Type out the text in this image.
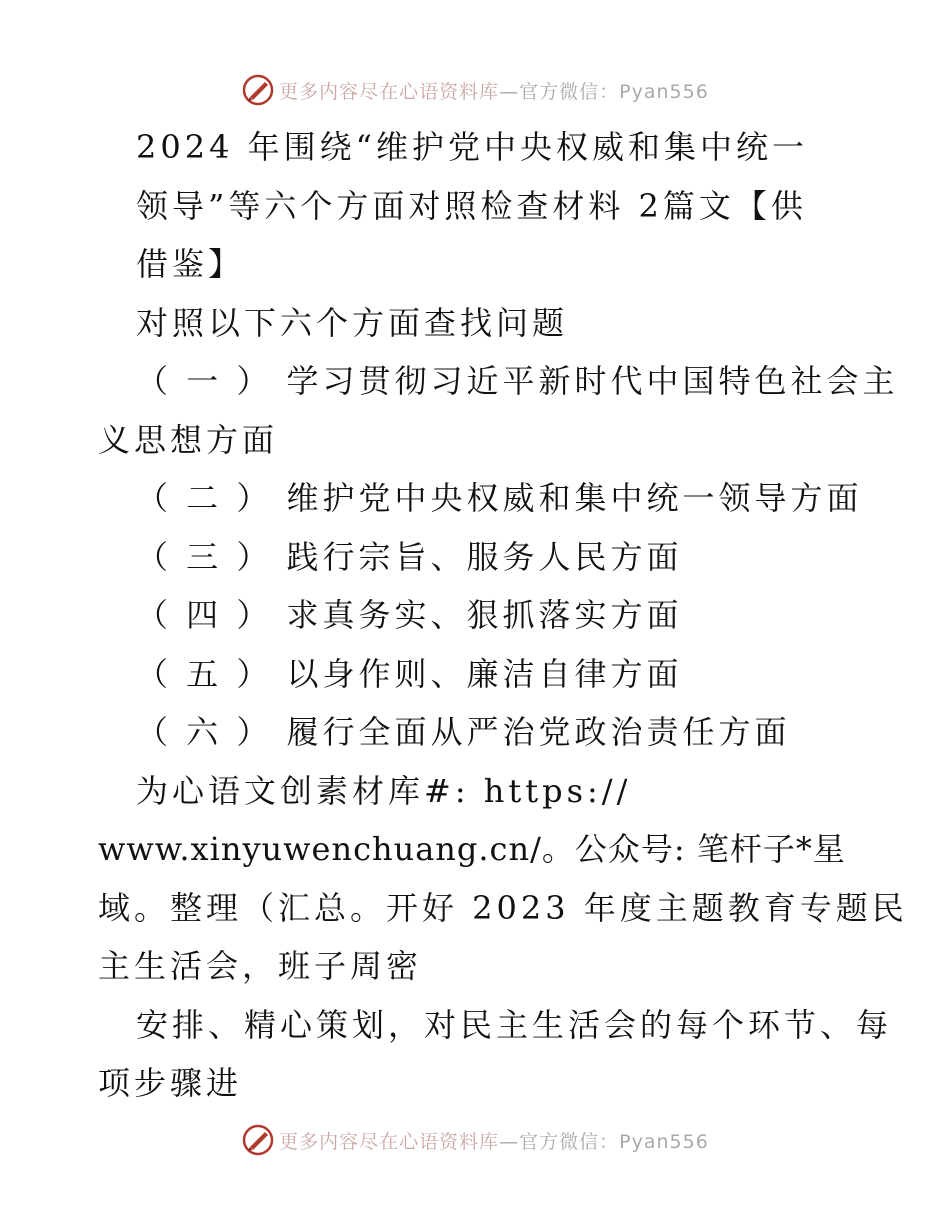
更多内容尽在心语资料库—官方微信：Pyan556
2024 年围绕“维护党中央权威和集中统一
领导”等六个方面对照检查材料 2篇文【供
借鉴】
对照以下六个方面查找问题
（ 一 ） 学习贯彻习近平新时代中国特色社会主
义思想方面
（ 二 ） 维护党中央权威和集中统一领导方面
（ 三 ） 践行宗旨、服务人民方面
（ 四 ） 求真务实、狠抓落实方面
（ 五 ） 以身作则、廉洁自律方面
（ 六 ） 履行全面从严治党政治责任方面
为心语文创素材库#: https://
www.xinyuwenchuang.cn/。公众号: 笔杆子*星
域。整理（汇总。开好 2023 年度主题教育专题民
主生活会，班子周密
安排、精心策划，对民主生活会的每个环节、每
项步骤进
更多内容尽在心语资料库—官方微信：Pyan556
